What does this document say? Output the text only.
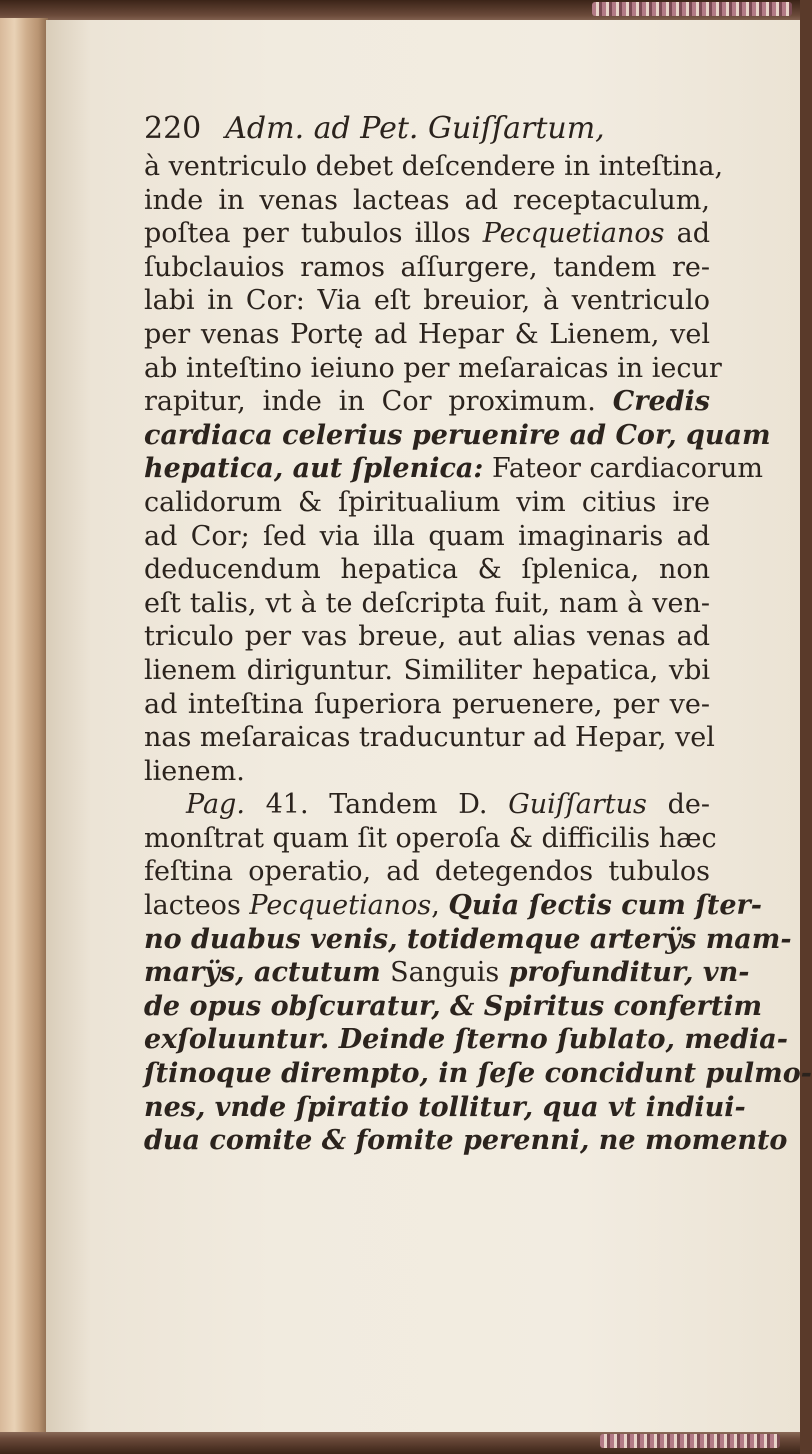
220 Adm. ad Pet. Guiſſartum,
à ventriculo debet deſcendere in inteſtina,
inde in venas lacteas ad receptaculum,
poſtea per tubulos illos Pecquetianos ad
ſubclauios ramos aſſurgere, tandem re-
labi in Cor: Via eſt breuior, à ventriculo
per venas Portę ad Hepar & Lienem, vel
ab inteſtino ieiuno per meſaraicas in iecur
rapitur, inde in Cor proximum. Credis
cardiaca celerius peruenire ad Cor, quam
hepatica, aut ſplenica: Fateor cardiacorum
calidorum & ſpiritualium vim citius ire
ad Cor; ſed via illa quam imaginaris ad
deducendum hepatica & ſplenica, non
eſt talis, vt à te deſcripta fuit, nam à ven-
triculo per vas breue, aut alias venas ad
lienem diriguntur. Similiter hepatica, vbi
ad inteſtina ſuperiora peruenere, per ve-
nas meſaraicas traducuntur ad Hepar, vel
lienem.
Pag. 41. Tandem D. Guiſſartus de-
monſtrat quam ſit operoſa & difficilis hæc
feſtina operatio, ad detegendos tubulos
lacteos Pecquetianos, Quia ſectis cum ſter-
no duabus venis, totidemque arterÿs mam-
marÿs, actutum Sanguis profunditur, vn-
de opus obſcuratur, & Spiritus confertim
exſoluuntur. Deinde ſterno ſublato, media-
ſtinoque dirempto, in ſeſe concidunt pulmo-
nes, vnde ſpiratio tollitur, qua vt indiui-
dua comite & fomite perenni, ne momento
